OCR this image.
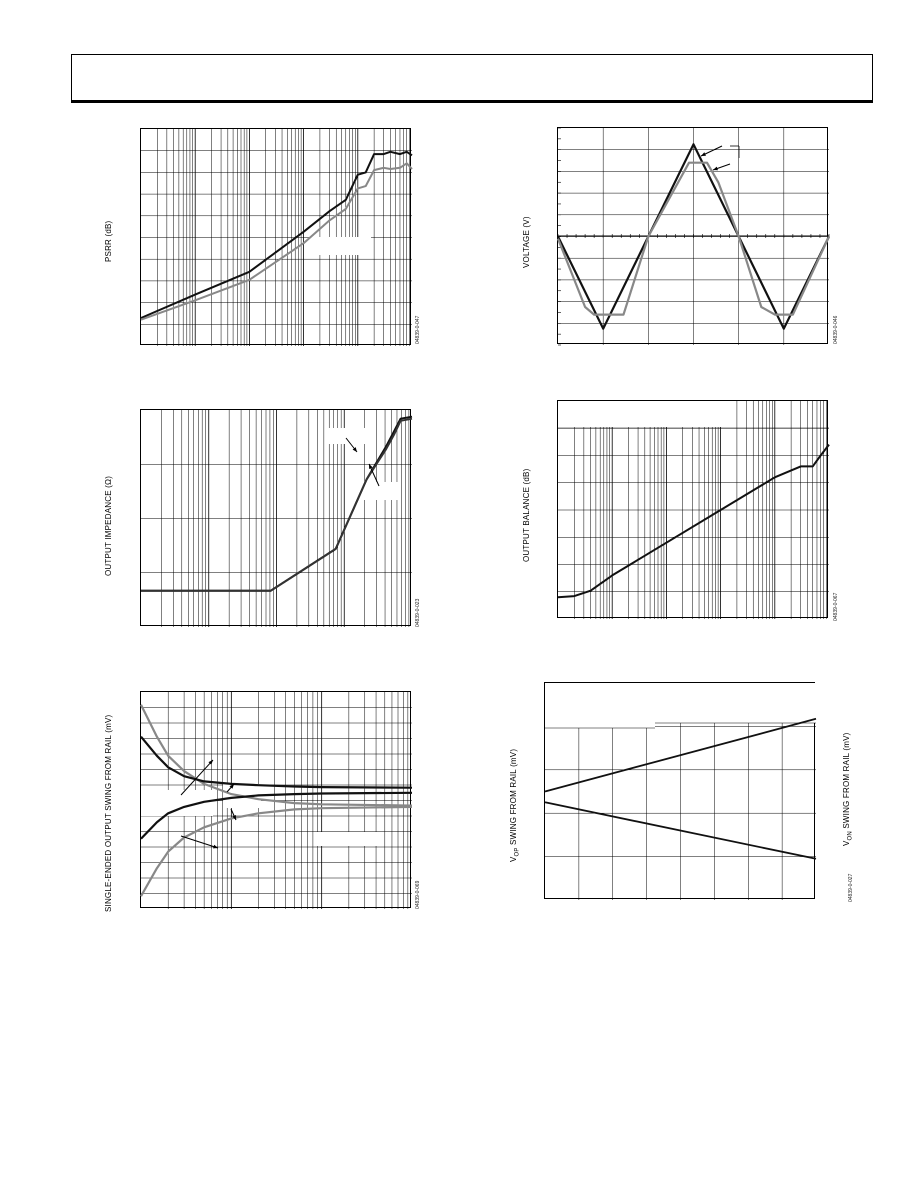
PSRR (dB)
04839-0-047
VOLTAGE (V)
04839-0-046
OUTPUT IMPEDANCE (Ω)
04839-0-023
OUTPUT BALANCE (dB)
04839-0-067
SINGLE-ENDED OUTPUT SWING FROM RAIL (mV)	04839-0-069
$V_{OP}$ SWING FROM RAIL (mV)	$V_{ON}$ SWING FROM RAIL (mV)
04839-0-027
